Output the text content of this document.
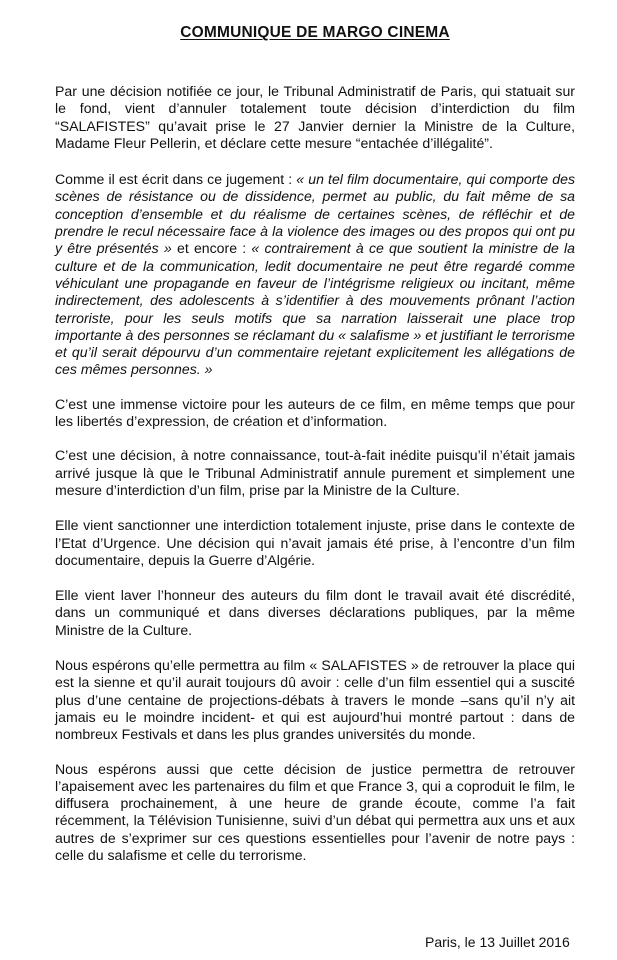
COMMUNIQUE DE MARGO CINEMA

Par une décision notifiée ce jour, le Tribunal Administratif de Paris, qui statuait sur le fond, vient d’annuler totalement toute décision d’interdiction du film “SALAFISTES” qu’avait prise le 27 Janvier dernier la Ministre de la Culture, Madame Fleur Pellerin, et déclare cette mesure “entachée d’illégalité”.

Comme il est écrit dans ce jugement : « un tel film documentaire, qui comporte des scènes de résistance ou de dissidence, permet au public, du fait même de sa conception d’ensemble et du réalisme de certaines scènes, de réfléchir et de prendre le recul nécessaire face à la violence des images ou des propos qui ont pu y être présentés » et encore : « contrairement à ce que soutient la ministre de la culture et de la communication, ledit documentaire ne peut être regardé comme véhiculant une propagande en faveur de l’intégrisme religieux ou incitant, même indirectement, des adolescents à s’identifier à des mouvements prônant l’action terroriste, pour les seuls motifs que sa narration laisserait une place trop importante à des personnes se réclamant du « salafisme » et justifiant le terrorisme et qu’il serait dépourvu d’un commentaire rejetant explicitement les allégations de ces mêmes personnes. »

C’est une immense victoire pour les auteurs de ce film, en même temps que pour les libertés d’expression, de création et d’information.

C’est une décision, à notre connaissance, tout-à-fait inédite puisqu’il n’était jamais arrivé jusque là que le Tribunal Administratif annule purement et simplement une mesure d’interdiction d’un film, prise par la Ministre de la Culture.

Elle vient sanctionner une interdiction totalement injuste, prise dans le contexte de l’Etat d’Urgence. Une décision qui n’avait jamais été prise, à l’encontre d’un film documentaire, depuis la Guerre d’Algérie.

Elle vient laver l’honneur des auteurs du film dont le travail avait été discrédité, dans un communiqué et dans diverses déclarations publiques, par la même Ministre de la Culture.

Nous espérons qu’elle permettra au film « SALAFISTES » de retrouver la place qui est la sienne et qu’il aurait toujours dû avoir : celle d’un film essentiel qui a suscité plus d’une centaine de projections-débats à travers le monde –sans qu’il n’y ait jamais eu le moindre incident- et qui est aujourd’hui montré partout : dans de nombreux Festivals et dans les plus grandes universités du monde.

Nous espérons aussi que cette décision de justice permettra de retrouver l’apaisement avec les partenaires du film et que France 3, qui a coproduit le film, le diffusera prochainement, à une heure de grande écoute, comme l’a fait récemment, la Télévision Tunisienne, suivi d’un débat qui permettra aux uns et aux autres de s’exprimer sur ces questions essentielles pour l’avenir de notre pays : celle du salafisme et celle du terrorisme.

Paris, le 13 Juillet 2016
